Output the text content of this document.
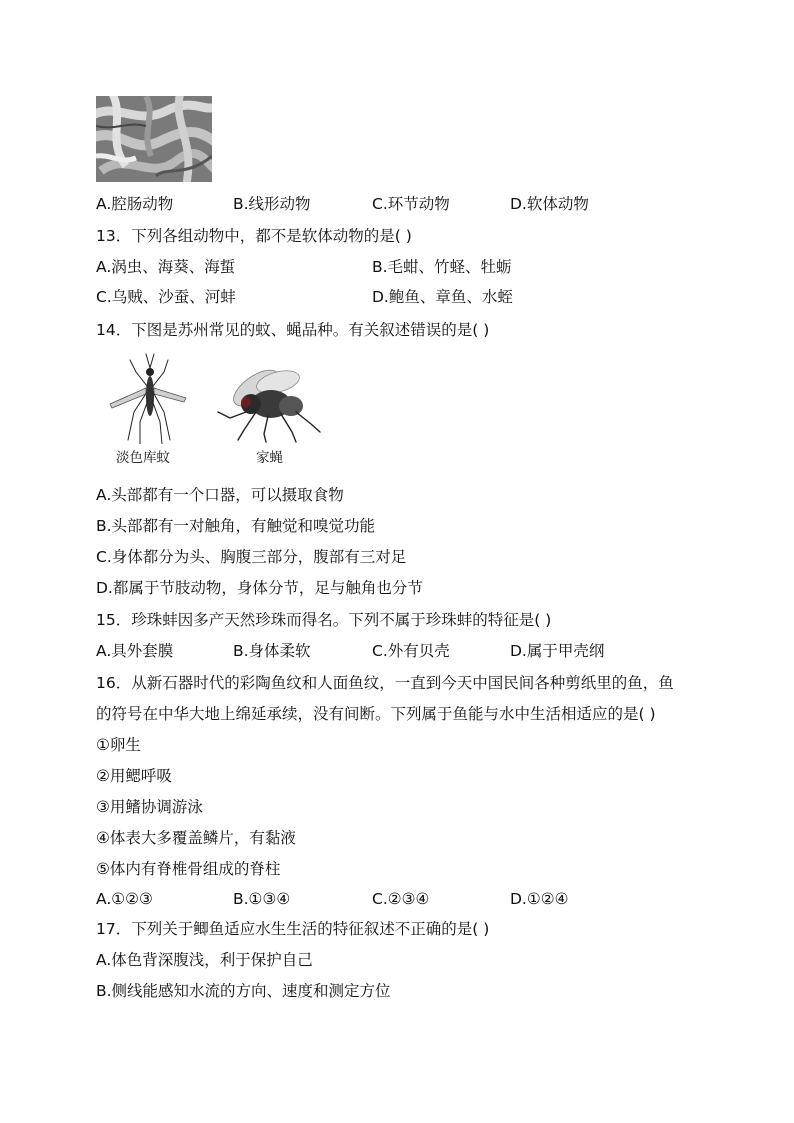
A.腔肠动物	B.线形动物	C.环节动物	D.软体动物
13．下列各组动物中，都不是软体动物的是( )
A.涡虫、海葵、海蜇	B.毛蚶、竹蛏、牡蛎
C.乌贼、沙蚕、河蚌	D.鲍鱼、章鱼、水蛭
14．下图是苏州常见的蚊、蝇品种。有关叙述错误的是( )
淡色库蚊	家蝇
A.头部都有一个口器，可以摄取食物
B.头部都有一对触角，有触觉和嗅觉功能
C.身体都分为头、胸腹三部分，腹部有三对足
D.都属于节肢动物，身体分节，足与触角也分节
15．珍珠蚌因多产天然珍珠而得名。下列不属于珍珠蚌的特征是( )
A.具外套膜	B.身体柔软	C.外有贝壳	D.属于甲壳纲
16．从新石器时代的彩陶鱼纹和人面鱼纹，一直到今天中国民间各种剪纸里的鱼，鱼
的符号在中华大地上绵延承续，没有间断。下列属于鱼能与水中生活相适应的是( )
①卵生
②用鳃呼吸
③用鳍协调游泳
④体表大多覆盖鳞片，有黏液
⑤体内有脊椎骨组成的脊柱
A.①②③	B.①③④	C.②③④	D.①②④
17．下列关于鲫鱼适应水生生活的特征叙述不正确的是( )
A.体色背深腹浅，利于保护自己
B.侧线能感知水流的方向、速度和测定方位
